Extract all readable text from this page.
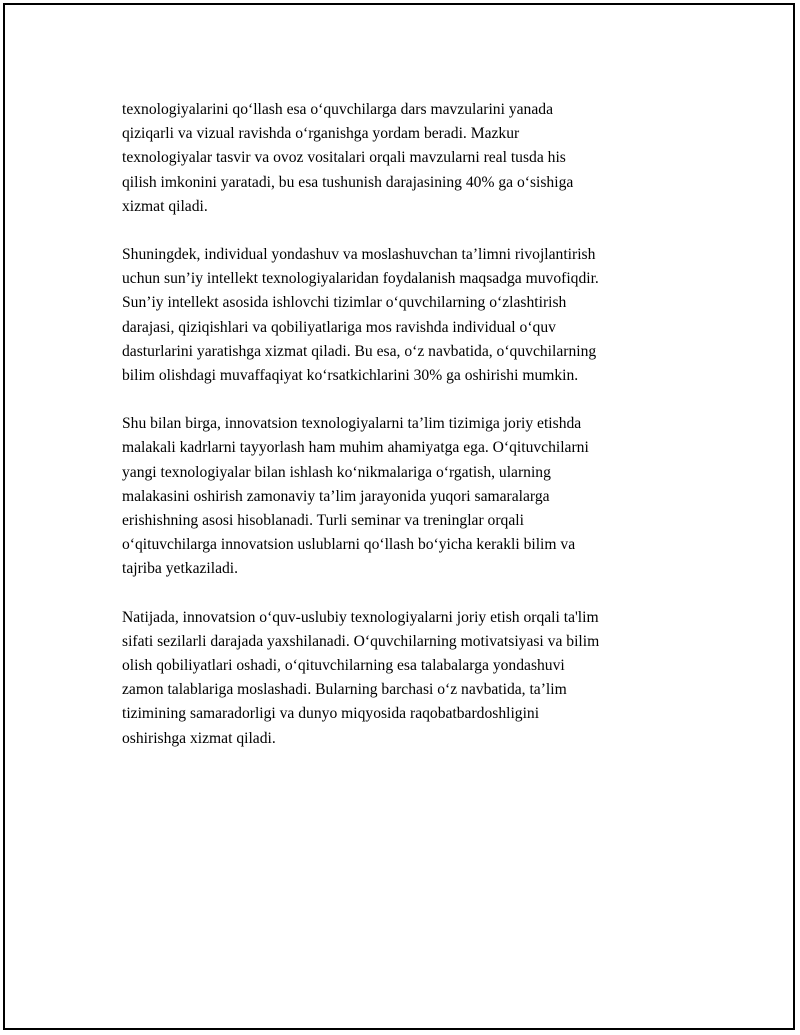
texnologiyalarini qo‘llash esa o‘quvchilarga dars mavzularini yanada
qiziqarli va vizual ravishda o‘rganishga yordam beradi. Mazkur
texnologiyalar tasvir va ovoz vositalari orqali mavzularni real tusda his
qilish imkonini yaratadi, bu esa tushunish darajasining 40% ga o‘sishiga
xizmat qiladi.

Shuningdek, individual yondashuv va moslashuvchan ta’limni rivojlantirish
uchun sun’iy intellekt texnologiyalaridan foydalanish maqsadga muvofiqdir.
Sun’iy intellekt asosida ishlovchi tizimlar o‘quvchilarning o‘zlashtirish
darajasi, qiziqishlari va qobiliyatlariga mos ravishda individual o‘quv
dasturlarini yaratishga xizmat qiladi. Bu esa, o‘z navbatida, o‘quvchilarning
bilim olishdagi muvaffaqiyat ko‘rsatkichlarini 30% ga oshirishi mumkin.

Shu bilan birga, innovatsion texnologiyalarni ta’lim tizimiga joriy etishda
malakali kadrlarni tayyorlash ham muhim ahamiyatga ega. O‘qituvchilarni
yangi texnologiyalar bilan ishlash ko‘nikmalariga o‘rgatish, ularning
malakasini oshirish zamonaviy ta’lim jarayonida yuqori samaralarga
erishishning asosi hisoblanadi. Turli seminar va treninglar orqali
o‘qituvchilarga innovatsion uslublarni qo‘llash bo‘yicha kerakli bilim va
tajriba yetkaziladi.

Natijada, innovatsion o‘quv-uslubiy texnologiyalarni joriy etish orqali ta'lim
sifati sezilarli darajada yaxshilanadi. O‘quvchilarning motivatsiyasi va bilim
olish qobiliyatlari oshadi, o‘qituvchilarning esa talabalarga yondashuvi
zamon talablariga moslashadi. Bularning barchasi o‘z navbatida, ta’lim
tizimining samaradorligi va dunyo miqyosida raqobatbardoshligini
oshirishga xizmat qiladi.
